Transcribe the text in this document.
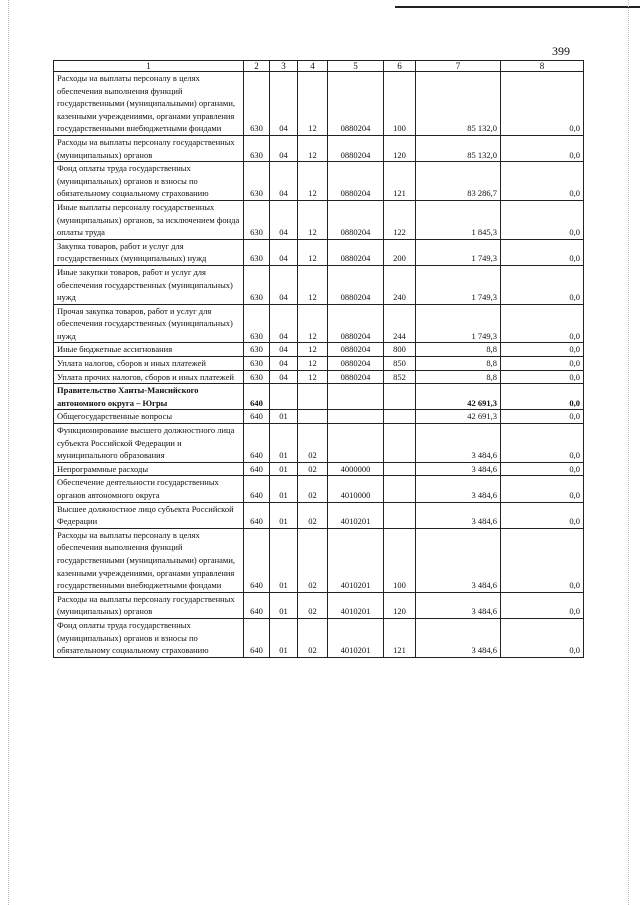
399
1	2	3	4	5	6	7	8
Расходы на выплаты персоналу в целях обеспечения выполнения функций государственными (муниципальными) органами, казенными учреждениями, органами управления государственными внебюджетными фондами	630	04	12	0880204	100	85 132,0	0,0
Расходы на выплаты персоналу государственных (муниципальных) органов	630	04	12	0880204	120	85 132,0	0,0
Фонд оплаты труда государственных (муниципальных) органов и взносы по обязательному социальному страхованию	630	04	12	0880204	121	83 286,7	0,0
Иные выплаты персоналу государственных (муниципальных) органов, за исключением фонда оплаты труда	630	04	12	0880204	122	1 845,3	0,0
Закупка товаров, работ и услуг для государственных (муниципальных) нужд	630	04	12	0880204	200	1 749,3	0,0
Иные закупки товаров, работ и услуг для обеспечения государственных (муниципальных) нужд	630	04	12	0880204	240	1 749,3	0,0
Прочая закупка товаров, работ и услуг для обеспечения государственных (муниципальных) нужд	630	04	12	0880204	244	1 749,3	0,0
Иные бюджетные ассигнования	630	04	12	0880204	800	8,8	0,0
Уплата налогов, сборов и иных платежей	630	04	12	0880204	850	8,8	0,0
Уплата прочих налогов, сборов и иных платежей	630	04	12	0880204	852	8,8	0,0
Правительство Ханты-Мансийского автономного округа – Югры	640					42 691,3	0,0
Общегосударственные вопросы	640	01				42 691,3	0,0
Функционирование высшего должностного лица субъекта Российской Федерации и муниципального образования	640	01	02			3 484,6	0,0
Непрограммные расходы	640	01	02	4000000		3 484,6	0,0
Обеспечение деятельности государственных органов автономного округа	640	01	02	4010000		3 484,6	0,0
Высшее должностное лицо субъекта Российской Федерации	640	01	02	4010201		3 484,6	0,0
Расходы на выплаты персоналу в целях обеспечения выполнения функций государственными (муниципальными) органами, казенными учреждениями, органами управления государственными внебюджетными фондами	640	01	02	4010201	100	3 484,6	0,0
Расходы на выплаты персоналу государственных (муниципальных) органов	640	01	02	4010201	120	3 484,6	0,0
Фонд оплаты труда государственных (муниципальных) органов и взносы по обязательному социальному страхованию	640	01	02	4010201	121	3 484,6	0,0
